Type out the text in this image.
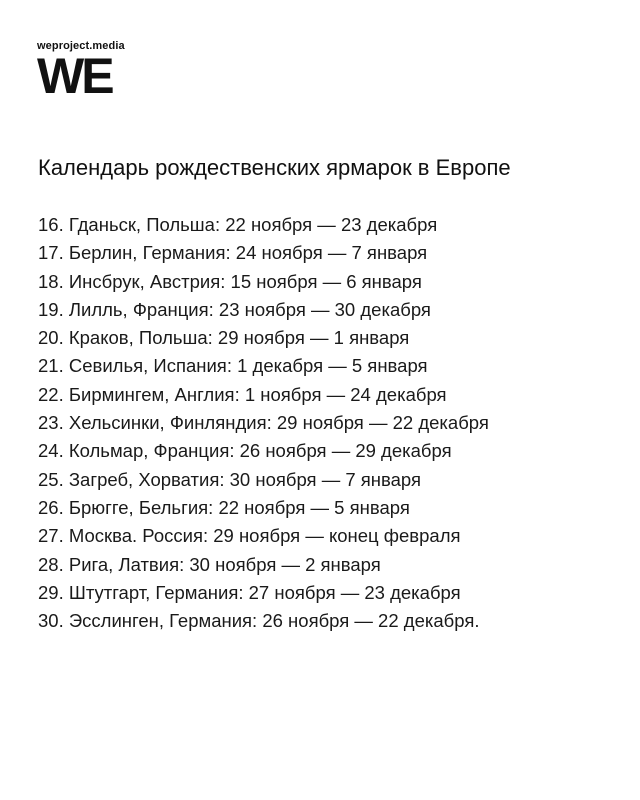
weproject.media
WE
Календарь рождественских ярмарок в Европе
16. Гданьск, Польша: 22 ноября — 23 декабря
17. Берлин, Германия: 24 ноября — 7 января
18. Инсбрук, Австрия: 15 ноября — 6 января
19. Лилль, Франция: 23 ноября — 30 декабря
20. Краков, Польша: 29 ноября — 1 января
21. Севилья, Испания: 1 декабря — 5 января
22. Бирмингем, Англия: 1 ноября — 24 декабря
23. Хельсинки, Финляндия: 29 ноября — 22 декабря
24. Кольмар, Франция: 26 ноября — 29 декабря
25. Загреб, Хорватия: 30 ноября — 7 января
26. Брюгге, Бельгия: 22 ноября — 5 января
27. Москва. Россия: 29 ноября — конец февраля
28. Рига, Латвия: 30 ноября — 2 января
29. Штутгарт, Германия: 27 ноября — 23 декабря
30. Эсслинген, Германия: 26 ноября — 22 декабря.
